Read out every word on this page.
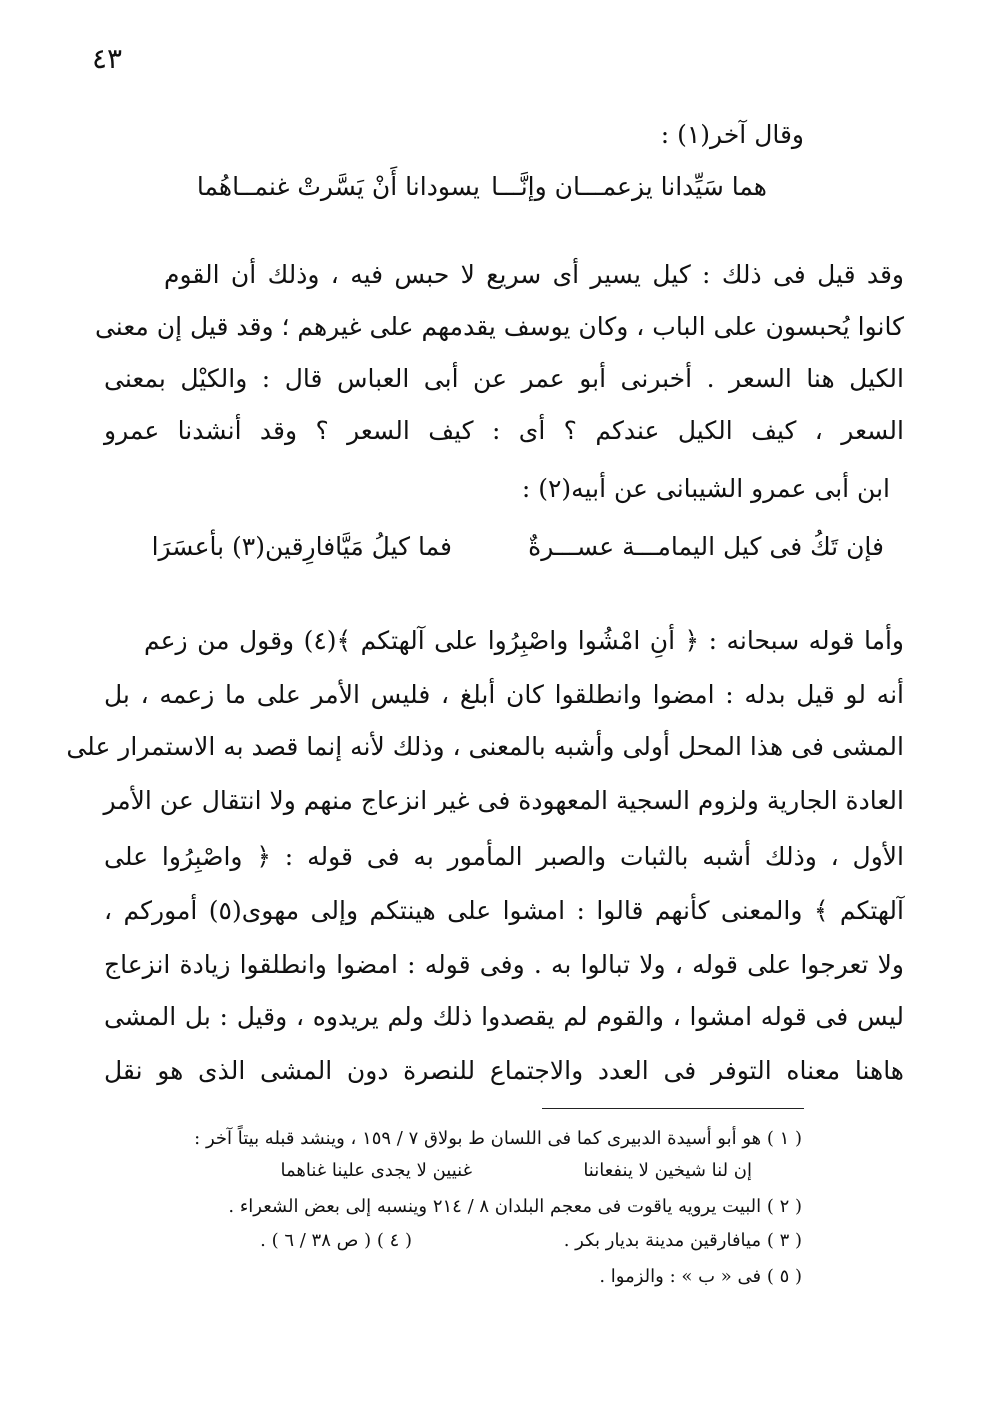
٤٣
وقال آخر(١) :
هما سَيِّدانا يزعمـــان وإنَّـــا
يسودانا أَنْ يَسَّرتْ غنمــاهُما
وقد قيل فى ذلك : كيل يسير أى سريع لا حبس فيه ، وذلك أن القوم
كانوا يُحبسون على الباب ، وكان يوسف يقدمهم على غيرهم ؛ وقد قيل إن معنى
الكيل هنا السعر . أخبرنى أبو عمر عن أبى العباس قال : والكيْل بمعنى
السعر ، كيف الكيل عندكم ؟ أى : كيف السعر ؟ وقد أنشدنا عمرو
ابن أبى عمرو الشيبانى عن أبيه(٢) :
فإن تَكُ فى كيل اليمامـــة عســـرةٌ
فما كيلُ مَيَّافارِقين(٣) بأعسَرَا
وأما قوله سبحانه : ﴿ أنِ امْشُوا واصْبِرُوا على آلهتكم ﴾(٤) وقول من زعم
أنه لو قيل بدله : امضوا وانطلقوا كان أبلغ ، فليس الأمر على ما زعمه ، بل
المشى فى هذا المحل أولى وأشبه بالمعنى ، وذلك لأنه إنما قصد به الاستمرار على
العادة الجارية ولزوم السجية المعهودة فى غير انزعاج منهم ولا انتقال عن الأمر
الأول ، وذلك أشبه بالثبات والصبر المأمور به فى قوله : ﴿ واصْبِرُوا على
آلهتكم ﴾ والمعنى كأنهم قالوا : امشوا على هينتكم وإلى مهوى(٥) أموركم ،
ولا تعرجوا على قوله ، ولا تبالوا به . وفى قوله : امضوا وانطلقوا زيادة انزعاج
ليس فى قوله امشوا ، والقوم لم يقصدوا ذلك ولم يريدوه ، وقيل : بل المشى
هاهنا معناه التوفر فى العدد والاجتماع للنصرة دون المشى الذى هو نقل
( ١ ) هو أبو أسيدة الدبيرى كما فى اللسان ط بولاق ٧ / ١٥٩ ، وينشد قبله بيتاً آخر :
إن لنا شيخين لا ينفعاننا
غنيين لا يجدى علينا غناهما
( ٢ ) البيت يرويه ياقوت فى معجم البلدان ٨ / ٢١٤ وينسبه إلى بعض الشعراء .
( ٣ ) ميافارقين مدينة بديار بكر .
( ٤ ) ( ص ٣٨ / ٦ ) .
( ٥ ) فى « ب » : والزموا .
